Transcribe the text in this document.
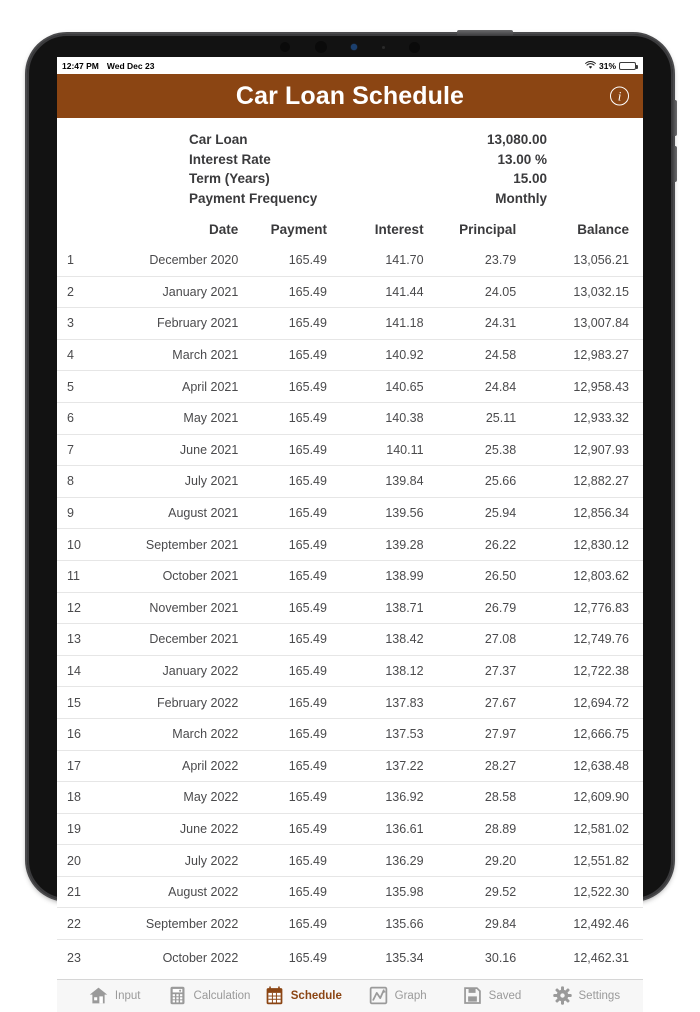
12:47 PM Wed Dec 23	31%
Car Loan Schedule	i
Car Loan	13,080.00
Interest Rate	13.00 %
Term (Years)	15.00
Payment Frequency	Monthly
	Date	Payment	Interest	Principal	Balance
1	December 2020	165.49	141.70	23.79	13,056.21
2	January 2021	165.49	141.44	24.05	13,032.15
3	February 2021	165.49	141.18	24.31	13,007.84
4	March 2021	165.49	140.92	24.58	12,983.27
5	April 2021	165.49	140.65	24.84	12,958.43
6	May 2021	165.49	140.38	25.11	12,933.32
7	June 2021	165.49	140.11	25.38	12,907.93
8	July 2021	165.49	139.84	25.66	12,882.27
9	August 2021	165.49	139.56	25.94	12,856.34
10	September 2021	165.49	139.28	26.22	12,830.12
11	October 2021	165.49	138.99	26.50	12,803.62
12	November 2021	165.49	138.71	26.79	12,776.83
13	December 2021	165.49	138.42	27.08	12,749.76
14	January 2022	165.49	138.12	27.37	12,722.38
15	February 2022	165.49	137.83	27.67	12,694.72
16	March 2022	165.49	137.53	27.97	12,666.75
17	April 2022	165.49	137.22	28.27	12,638.48
18	May 2022	165.49	136.92	28.58	12,609.90
19	June 2022	165.49	136.61	28.89	12,581.02
20	July 2022	165.49	136.29	29.20	12,551.82
21	August 2022	165.49	135.98	29.52	12,522.30
22	September 2022	165.49	135.66	29.84	12,492.46
23	October 2022	165.49	135.34	30.16	12,462.31
Input	Calculation	Schedule	Graph	Saved	Settings
